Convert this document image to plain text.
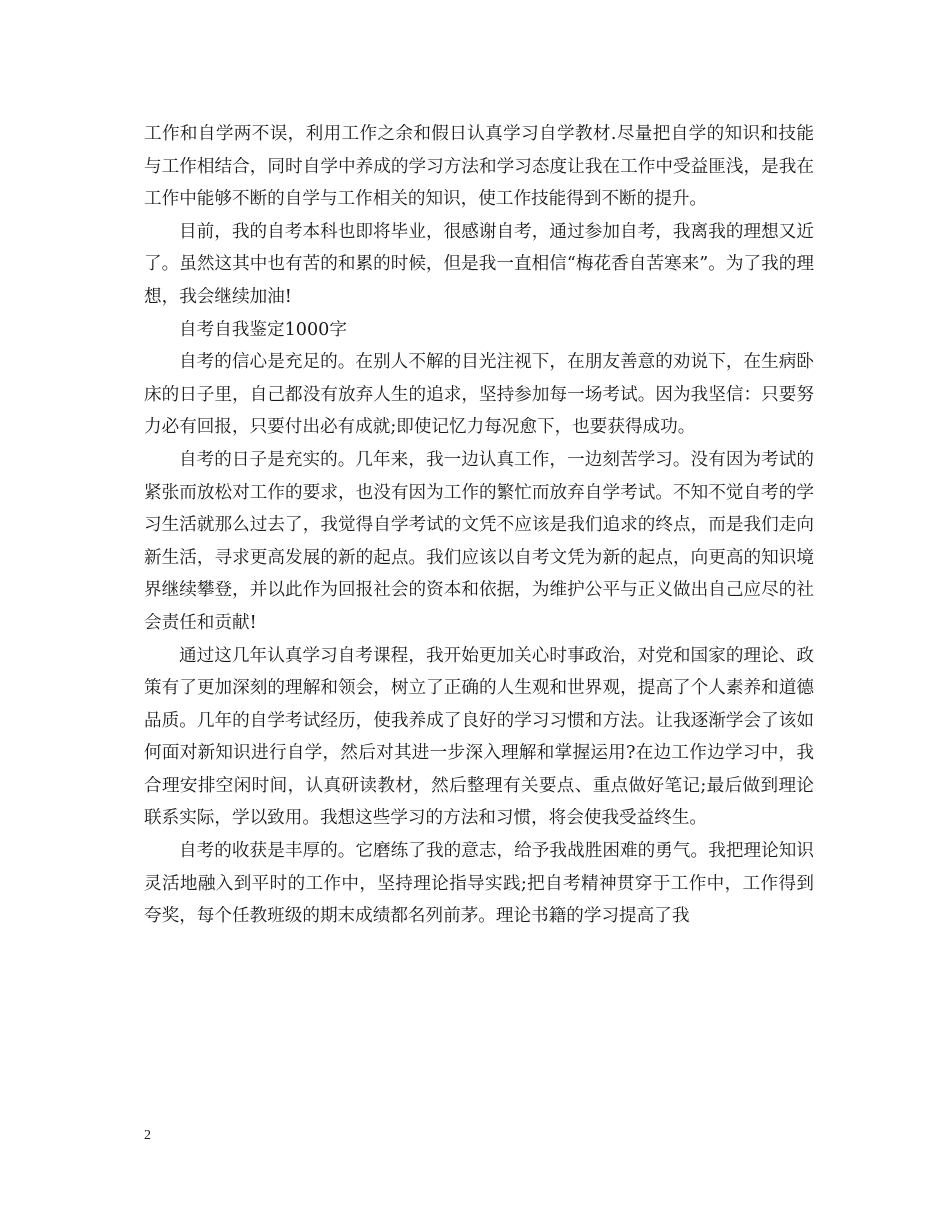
工作和自学两不误，利用工作之余和假日认真学习自学教材.尽量把自学的知识和技能与工作相结合，同时自学中养成的学习方法和学习态度让我在工作中受益匪浅，是我在工作中能够不断的自学与工作相关的知识，使工作技能得到不断的提升。

目前，我的自考本科也即将毕业，很感谢自考，通过参加自考，我离我的理想又近了。虽然这其中也有苦的和累的时候，但是我一直相信“梅花香自苦寒来”。为了我的理想，我会继续加油!

自考自我鉴定1000字

自考的信心是充足的。在别人不解的目光注视下，在朋友善意的劝说下，在生病卧床的日子里，自己都没有放弃人生的追求，坚持参加每一场考试。因为我坚信：只要努力必有回报，只要付出必有成就;即使记忆力每况愈下，也要获得成功。

自考的日子是充实的。几年来，我一边认真工作，一边刻苦学习。没有因为考试的紧张而放松对工作的要求，也没有因为工作的繁忙而放弃自学考试。不知不觉自考的学习生活就那么过去了，我觉得自学考试的文凭不应该是我们追求的终点，而是我们走向新生活，寻求更高发展的新的起点。我们应该以自考文凭为新的起点，向更高的知识境界继续攀登，并以此作为回报社会的资本和依据，为维护公平与正义做出自己应尽的社会责任和贡献!

通过这几年认真学习自考课程，我开始更加关心时事政治，对党和国家的理论、政策有了更加深刻的理解和领会，树立了正确的人生观和世界观，提高了个人素养和道德品质。几年的自学考试经历，使我养成了良好的学习习惯和方法。让我逐渐学会了该如何面对新知识进行自学，然后对其进一步深入理解和掌握运用?在边工作边学习中，我合理安排空闲时间，认真研读教材，然后整理有关要点、重点做好笔记;最后做到理论联系实际，学以致用。我想这些学习的方法和习惯，将会使我受益终生。

自考的收获是丰厚的。它磨练了我的意志，给予我战胜困难的勇气。我把理论知识灵活地融入到平时的工作中，坚持理论指导实践;把自考精神贯穿于工作中，工作得到夸奖，每个任教班级的期末成绩都名列前茅。理论书籍的学习提高了我

2
